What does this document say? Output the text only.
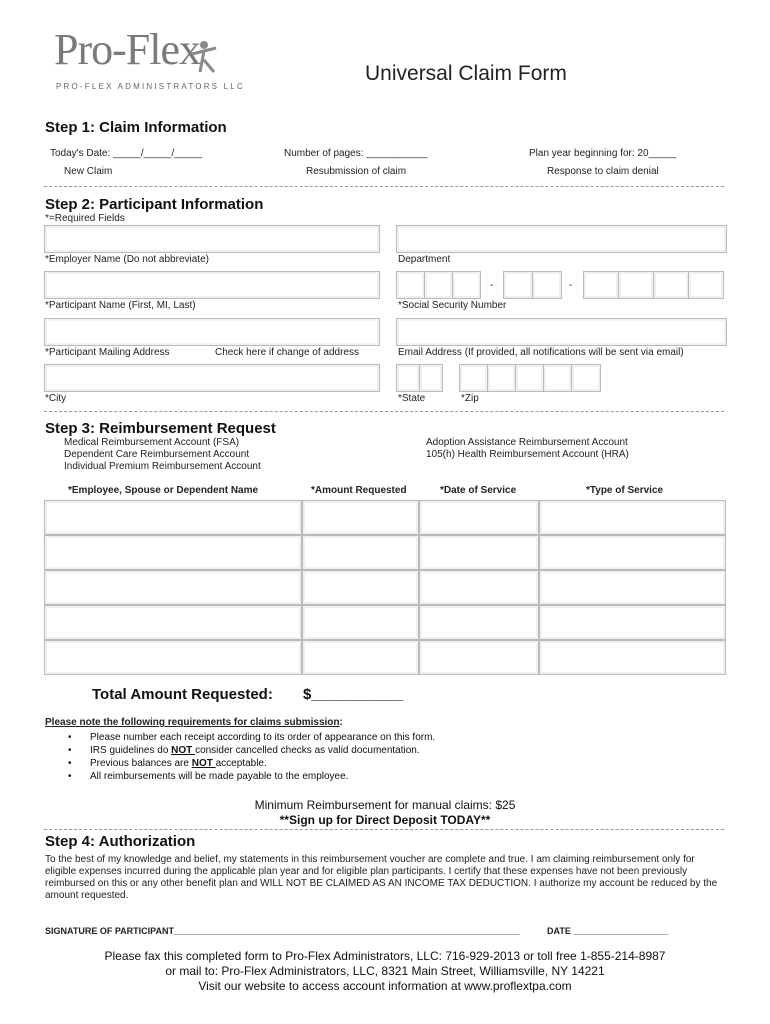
Pro-Flex
PRO-FLEX ADMINISTRATORS LLC
Universal Claim Form
Step 1: Claim Information
Today's Date: _____/_____/_____	Number of pages: ___________	Plan year beginning for: 20_____
New Claim	Resubmission of claim	Response to claim denial
Step 2: Participant Information
*=Required Fields
*Employer Name (Do not abbreviate)	Department
-	-
*Participant Name (First, MI, Last)	*Social Security Number
*Participant Mailing Address	Check here if change of address	Email Address (If provided, all notifications will be sent via email)
*City	*State	*Zip
Step 3: Reimbursement Request
Medical Reimbursement Account (FSA)
Dependent Care Reimbursement Account
Individual Premium Reimbursement Account
Adoption Assistance Reimbursement Account
105(h) Health Reimbursement Account (HRA)
*Employee, Spouse or Dependent Name	*Amount Requested	*Date of Service	*Type of Service
Total Amount Requested: $___________
Please note the following requirements for claims submission:
• Please number each receipt according to its order of appearance on this form.
• IRS guidelines do NOT consider cancelled checks as valid documentation.
• Previous balances are NOT acceptable.
• All reimbursements will be made payable to the employee.
Minimum Reimbursement for manual claims: $25
**Sign up for Direct Deposit TODAY**
Step 4: Authorization
To the best of my knowledge and belief, my statements in this reimbursement voucher are complete and true. I am claiming reimbursement only for eligible expenses incurred during the applicable plan year and for eligible plan participants. I certify that these expenses have not been previously reimbursed on this or any other benefit plan and WILL NOT BE CLAIMED AS AN INCOME TAX DEDUCTION. I authorize my account be reduced by the amount requested.
SIGNATURE OF PARTICIPANT_____________________________________________________________________	DATE ___________________
Please fax this completed form to Pro-Flex Administrators, LLC: 716-929-2013 or toll free 1-855-214-8987
or mail to: Pro-Flex Administrators, LLC, 8321 Main Street, Williamsville, NY 14221
Visit our website to access account information at www.proflextpa.com
